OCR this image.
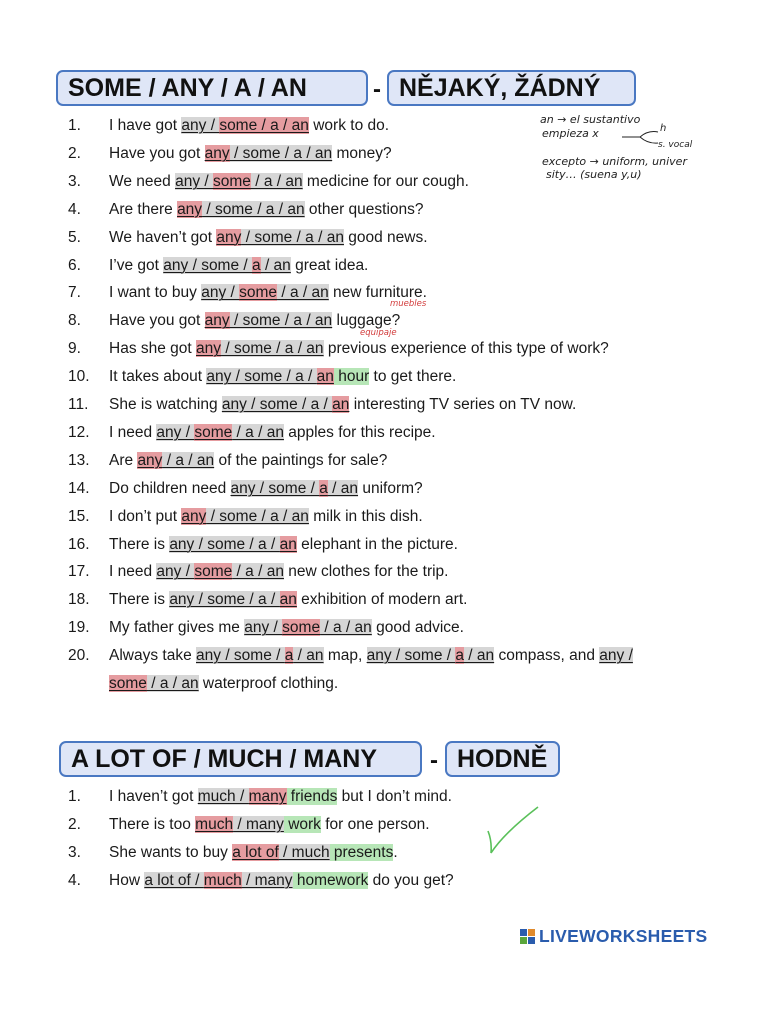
SOME / ANY / A / AN	- NĚJAKÝ, ŽÁDNÝ
an → el sustantivo
empieza x	h
s. vocal
excepto → uniform, univer
sity… (suena y,u)
muebles
equipaje
1.	I have got any / some / a / an work to do.
2.	Have you got any / some / a / an money?
3.	We need any / some / a / an medicine for our cough.
4.	Are there any / some / a / an other questions?
5.	We haven’t got any / some / a / an good news.
6.	I’ve got any / some / a / an great idea.
7.	I want to buy any / some / a / an new furniture.
8.	Have you got any / some / a / an luggage?
9.	Has she got any / some / a / an previous experience of this type of work?
10.	It takes about any / some / a / an hour to get there.
11.	She is watching any / some / a / an interesting TV series on TV now.
12.	I need any / some / a / an apples for this recipe.
13.	Are any / a / an of the paintings for sale?
14.	Do children need any / some / a / an uniform?
15.	I don’t put any / some / a / an milk in this dish.
16.	There is any / some / a / an elephant in the picture.
17.	I need any / some / a / an new clothes for the trip.
18.	There is any / some / a / an exhibition of modern art.
19.	My father gives me any / some / a / an good advice.
20.	Always take any / some / a / an map, any / some / a / an compass, and any /
some / a / an waterproof clothing.
A LOT OF / MUCH / MANY	- HODNĚ
1.	I haven’t got much / many friends but I don’t mind.
2.	There is too much / many work for one person.
3.	She wants to buy a lot of / much presents.
4.	How a lot of / much / many homework do you get?
LIVEWORKSHEETS
